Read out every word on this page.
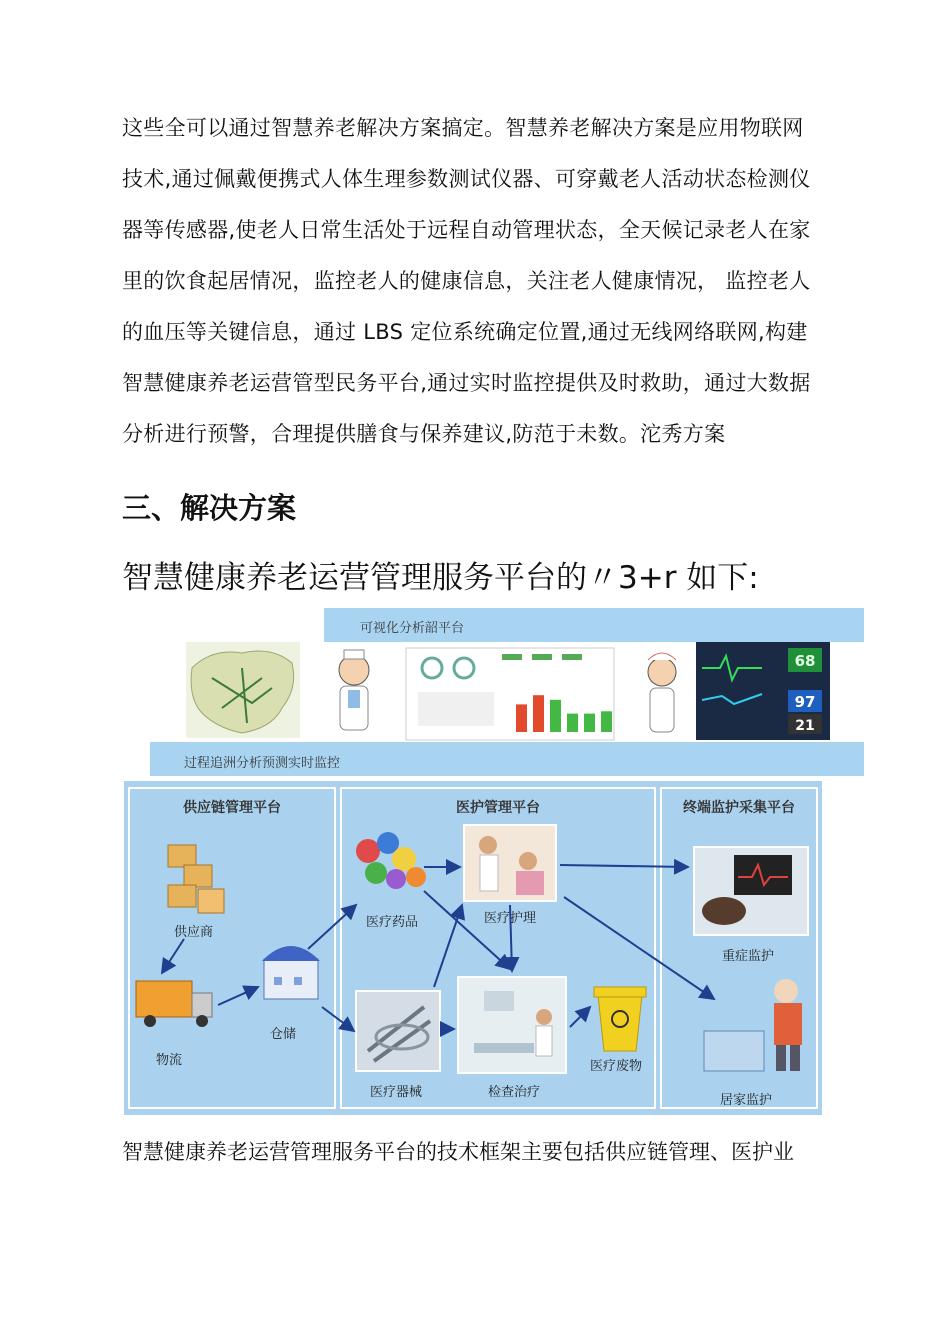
这些全可以通过智慧养老解决方案搞定。智慧养老解决方案是应用物联网
技术,通过佩戴便携式人体生理参数测试仪器、可穿戴老人活动状态检测仪
器等传感器,使老人日常生活处于远程自动管理状态，全天候记录老人在家
里的饮食起居情况，监控老人的健康信息，关注老人健康情况， 监控老人
的血压等关键信息，通过 LBS 定位系统确定位置,通过无线网络联网,构建
智慧健康养老运营管型民务平台,通过实时监控提供及时救助，通过大数据
分析进行预警，合理提供膳食与保养建议,防范于未数。沱秀方案
三、解决方案
智慧健康养老运营管理服务平台的〃3+r 如下:
可视化分析韶平台
68
97
21
过程追洲分析预测实时监控
供应链管理平台	医护管理平台	终端监护采集平台
供应商
物流
仓储
医疗药品	医疗护理
医疗器械	检查治疗
医疗废物
重症监护
居家监护
智慧健康养老运营管理服务平台的技术框架主要包括供应链管理、医护业
